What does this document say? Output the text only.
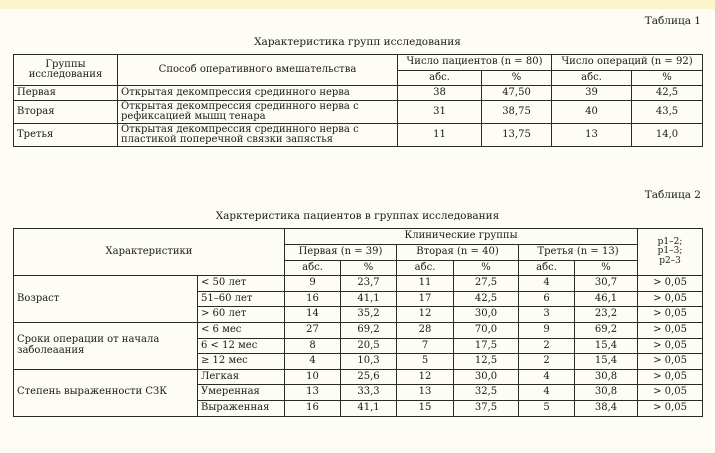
Таблица 1
Характеристика групп исследования
Группы исследования	Способ оперативного вмешательства	Число пациентов (n = 80)		Число операций (n = 92)	
		абс.	%	абс.	%
Первая	Открытая декомпрессия срединного нерва	38	47,50	39	42,5
Вторая	Открытая декомпрессия срединного нерва с рефиксацией мышц тенара	31	38,75	40	43,5
Третья	Открытая декомпрессия срединного нерва с пластикой поперечной связки запястья	11	13,75	13	14,0
Таблица 2
Харктеристика пациентов в группах исследования
Характеристики		Клинические группы						p1–2;
p1–3;
p2–3

		Первая (n = 39)		Вторая (n = 40)		Третья (n = 13)		
		абс.	%	абс.	%	абс.	%	
Возраст	< 50 лет	9	23,7	11	27,5	4	30,7	> 0,05
	51–60 лет	16	41,1	17	42,5	6	46,1	> 0,05
	> 60 лет	14	35,2	12	30,0	3	23,2	> 0,05
Сроки операции от начала заболеаания	< 6 мес	27	69,2	28	70,0	9	69,2	> 0,05
	6 < 12 мес	8	20,5	7	17,5	2	15,4	> 0,05
	≥ 12 мес	4	10,3	5	12,5	2	15,4	> 0,05
Степень выраженности СЗК	Легкая	10	25,6	12	30,0	4	30,8	> 0,05
	Умеренная	13	33,3	13	32,5	4	30,8	> 0,05
	Выраженная	16	41,1	15	37,5	5	38,4	> 0,05
